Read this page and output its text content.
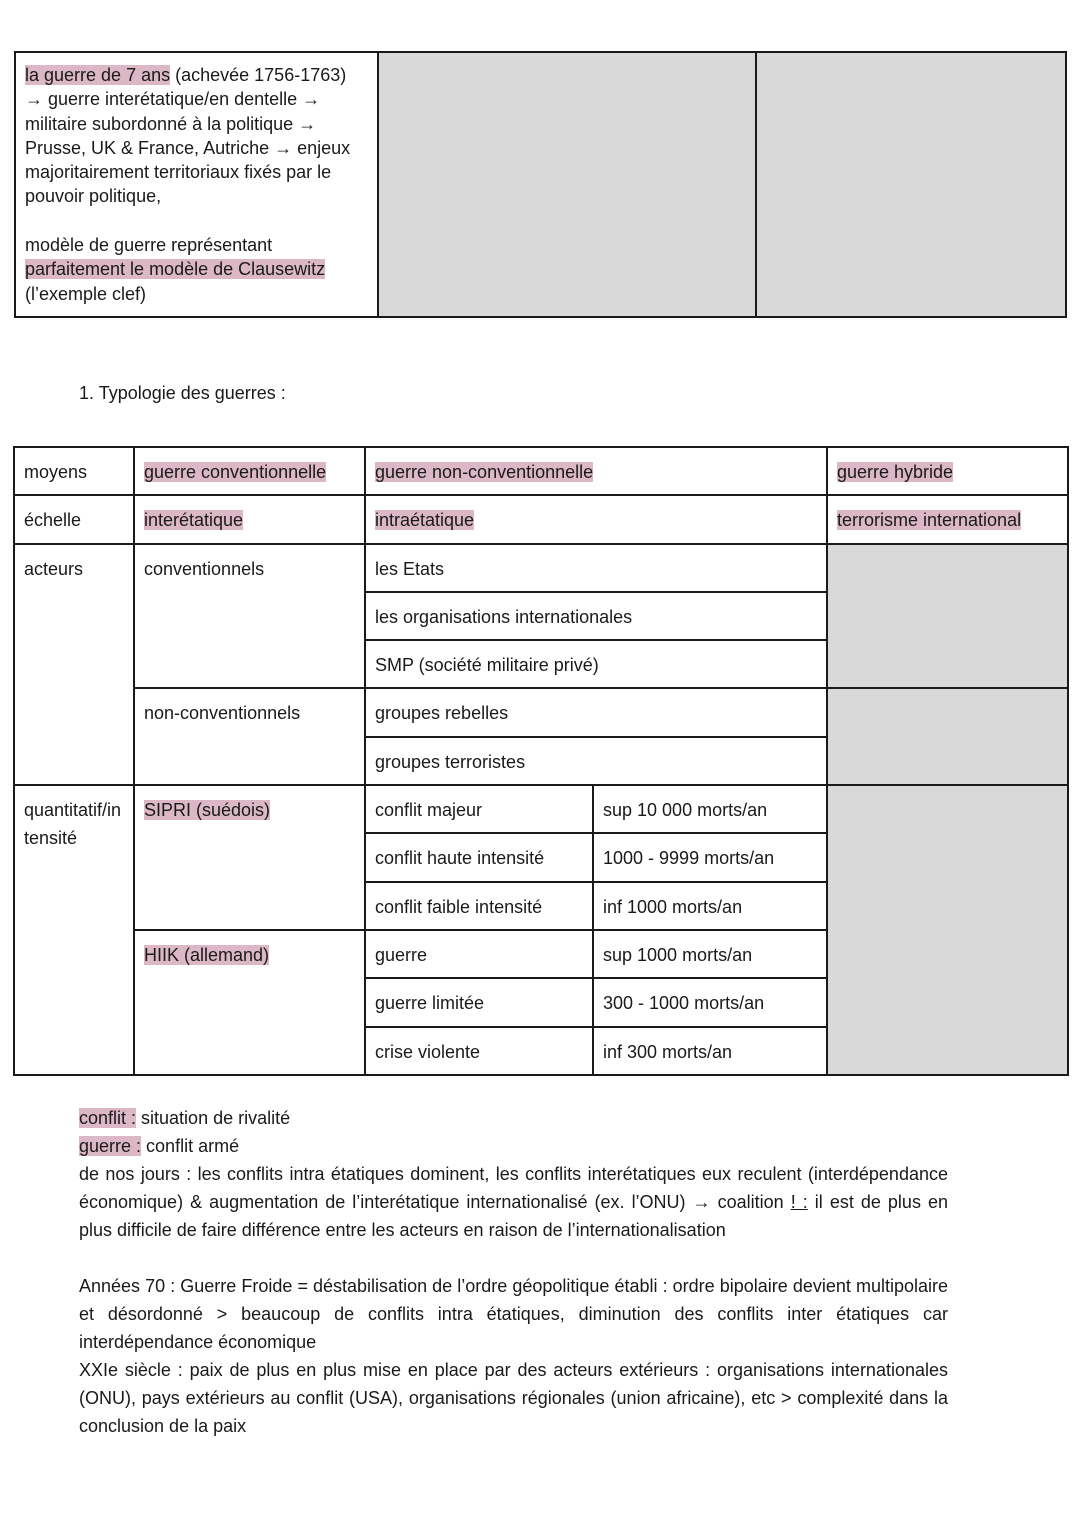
la guerre de 7 ans (achevée 1756-1763) → guerre interétatique/en dentelle → militaire subordonné à la politique → Prusse, UK & France, Autriche → enjeux majoritairement territoriaux fixés par le pouvoir politique,

modèle de guerre représentant parfaitement le modèle de Clausewitz (l’exemple clef)		
1. Typologie des guerres :
moyens	guerre conventionnelle	guerre non-conventionnelle		guerre hybride
échelle	interétatique	intraétatique		terrorisme international
acteurs	conventionnels	les Etats		
		les organisations internationales		
		SMP (société militaire privé)		
	non-conventionnels	groupes rebelles		
		groupes terroristes		
quantitatif/intensité	SIPRI (suédois)	conflit majeur	sup 10 000 morts/an	
		conflit haute intensité	1000 - 9999 morts/an	
		conflit faible intensité	inf 1000 morts/an	
	HIIK (allemand)	guerre	sup 1000 morts/an	
		guerre limitée	300 - 1000 morts/an	
		crise violente	inf 300 morts/an	

conflit : situation de rivalité

guerre : conflit armé

de nos jours : les conflits intra étatiques dominent, les conflits interétatiques eux reculent (interdépendance économique) & augmentation de l’interétatique internationalisé (ex. l’ONU) → coalition ! : il est de plus en plus difficile de faire différence entre les acteurs en raison de l’internationalisation

Années 70 : Guerre Froide = déstabilisation de l’ordre géopolitique établi : ordre bipolaire devient multipolaire et désordonné > beaucoup de conflits intra étatiques, diminution des conflits inter étatiques car interdépendance économique

XXIe siècle : paix de plus en plus mise en place par des acteurs extérieurs : organisations internationales (ONU), pays extérieurs au conflit (USA), organisations régionales (union africaine), etc > complexité dans la conclusion de la paix
